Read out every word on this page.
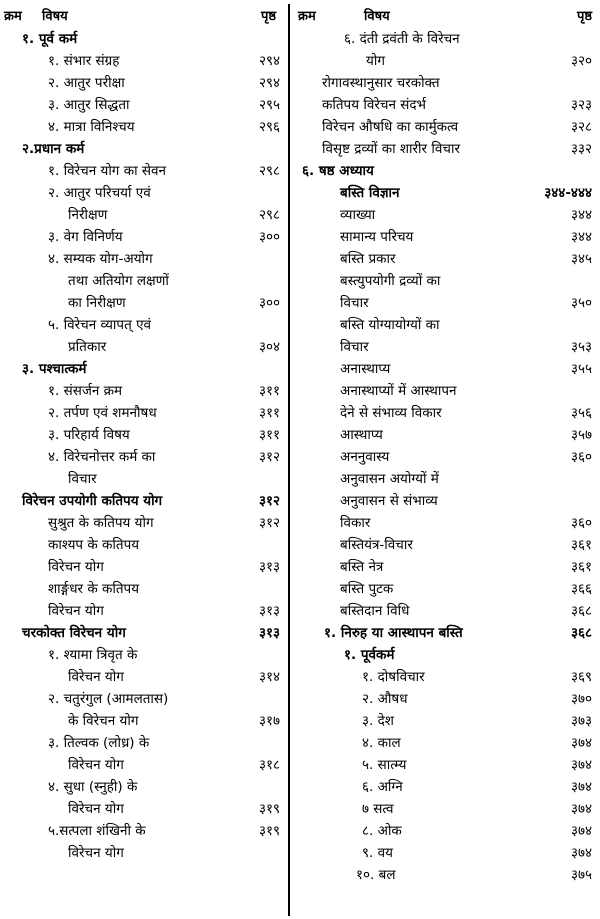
क्रम विषय	पृष्ठ
१. पूर्व कर्म
१. संभार संग्रह	२९४
२. आतुर परीक्षा	२९४
३. आतुर सिद्धता	२९५
४. मात्रा विनिश्चय	२९६
२.प्रधान कर्म
१. विरेचन योग का सेवन	२९८
२. आतुर परिचर्या एवं
निरीक्षण	२९८
३. वेग विनिर्णय	३००
४. सम्यक योग-अयोग
तथा अतियोग लक्षणों
का निरीक्षण	३००
५. विरेचन व्यापत् एवं
प्रतिकार	३०४
३. पश्चात्कर्म
१. संसर्जन क्रम	३११
२. तर्पण एवं शमनौषध	३११
३. परिहार्य विषय	३११
४. विरेचनोत्तर कर्म का	३१२
विचार
विरेचन उपयोगी कतिपय योग	३१२
सुश्रुत के कतिपय योग	३१२
काश्यप के कतिपय
विरेचन योग	३१३
शार्ङ्गधर के कतिपय
विरेचन योग	३१३
चरकोक्त विरेचन योग	३१३
१. श्यामा त्रिवृत के
विरेचन योग	३१४
२. चतुरंगुल (आमलतास)
के विरेचन योग	३१७
३. तिल्वक (लोध्र) के
विरेचन योग	३१८
४. सुधा (स्नुही) के
विरेचन योग	३१९
५.सत्पला शंखिनी के	३१९
विरेचन योग
क्रम	विषय	पृष्ठ
६. दंती द्रवंती के विरेचन
योग	३२०
रोगावस्थानुसार चरकोक्त
कतिपय विरेचन संदर्भ	३२३
विरेचन औषधि का कार्मुकत्व	३२८
विसृष्ट द्रव्यों का शारीर विचार	३३२
६. षष्ठ अध्याय
बस्ति विज्ञान	३४४-४४४
व्याख्या	३४४
सामान्य परिचय	३४४
बस्ति प्रकार	३४५
बस्त्युपयोगी द्रव्यों का
विचार	३५०
बस्ति योग्यायोग्यों का
विचार	३५३
अनास्थाप्य	३५५
अनास्थाप्यों में आस्थापन
देने से संभाव्य विकार	३५६
आस्थाप्य	३५७
अननुवास्य	३६०
अनुवासन अयोग्यों में
अनुवासन से संभाव्य
विकार	३६०
बस्तियंत्र-विचार	३६१
बस्ति नेत्र	३६१
बस्ति पुटक	३६६
बस्तिदान विधि	३६८
१. निरुह या आस्थापन बस्ति	३६८
१. पूर्वकर्म
१. दोषविचार	३६९
२. औषध	३७०
३. देश	३७३
४. काल	३७४
५. सात्म्य	३७४
६. अग्नि	३७४
७ सत्व	३७४
८. ओक	३७४
९. वय	३७४
१०. बल	३७५
